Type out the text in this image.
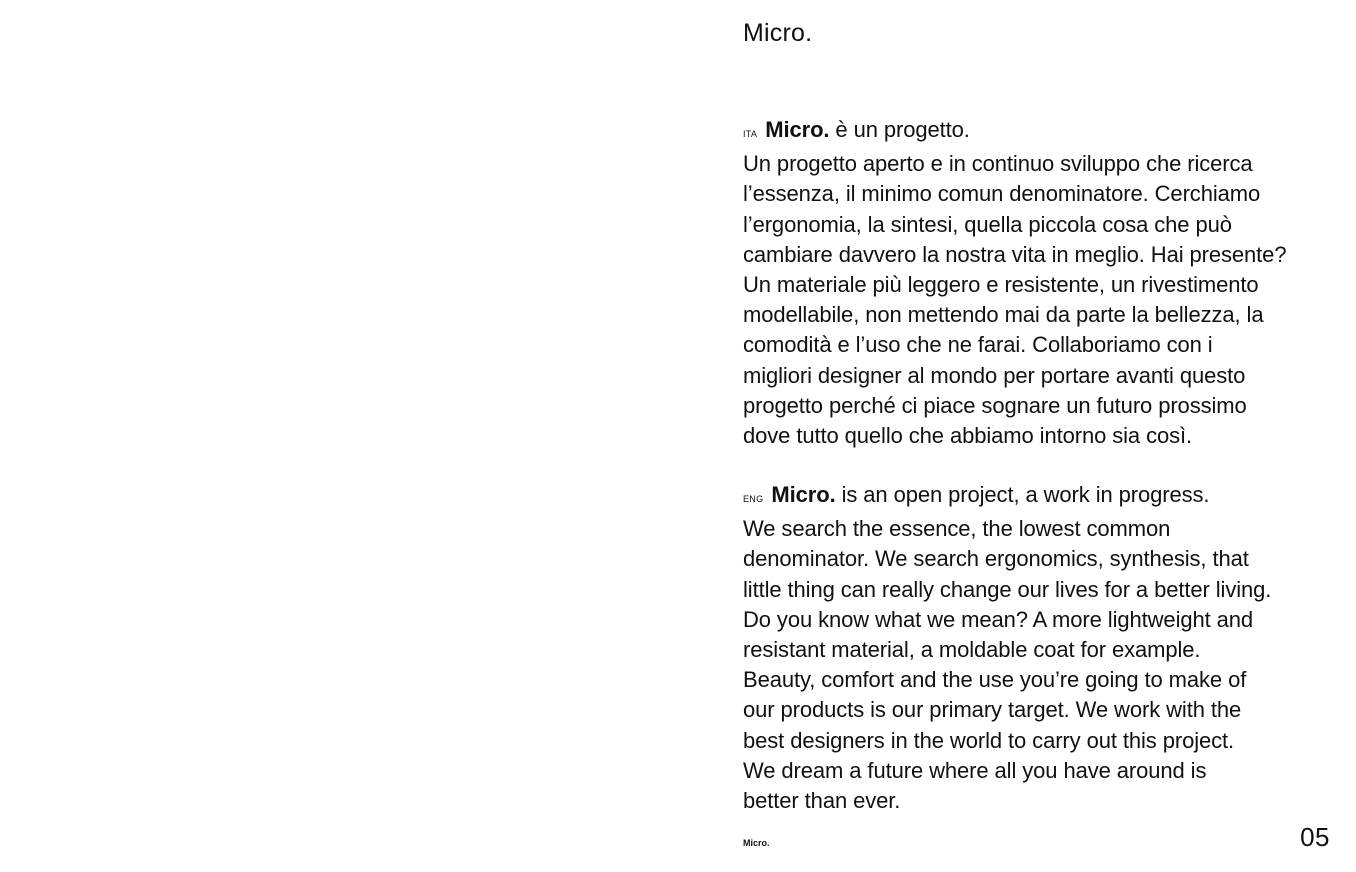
Micro.
ITA Micro. è un progetto.
Un progetto aperto e in continuo sviluppo che ricerca
l’essenza, il minimo comun denominatore. Cerchiamo
l’ergonomia, la sintesi, quella piccola cosa che può
cambiare davvero la nostra vita in meglio. Hai presente?
Un materiale più leggero e resistente, un rivestimento
modellabile, non mettendo mai da parte la bellezza, la
comodità e l’uso che ne farai. Collaboriamo con i
migliori designer al mondo per portare avanti questo
progetto perché ci piace sognare un futuro prossimo
dove tutto quello che abbiamo intorno sia così.
ENG Micro. is an open project, a work in progress.
We search the essence, the lowest common
denominator. We search ergonomics, synthesis, that
little thing can really change our lives for a better living.
Do you know what we mean? A more lightweight and
resistant material, a moldable coat for example.
Beauty, comfort and the use you’re going to make of
our products is our primary target. We work with the
best designers in the world to carry out this project.
We dream a future where all you have around is
better than ever.
Micro.	05
